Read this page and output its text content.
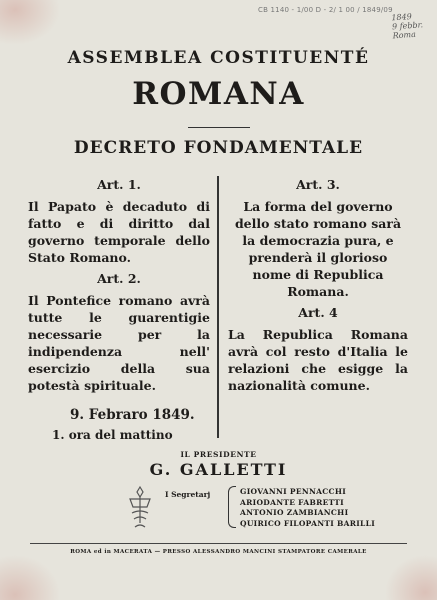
CB 1140 - 1/00 D - 2/ 1 00 / 1849/09
1849
9 febbr.
Roma
ASSEMBLEA COSTITUENTÉ
ROMANA
DECRETO FONDAMENTALE
Art. 1.
Il Papato è decaduto di fatto e di diritto dal governo temporale dello Stato Romano.
Art. 2.
Il Pontefice romano avrà tutte le guarentigie necessarie per la indipendenza nell' esercizio della sua potestà spirituale.
Art. 3.
La forma del governo dello stato romano sarà la democrazia pura, e prenderà il glorioso nome di Republica Romana.
Art. 4
La Republica Romana avrà col resto d'Italia le relazioni che esigge la nazionalità comune.
9. Febraro 1849.
1. ora del mattino
IL PRESIDENTE
G. GALLETTI
I Segretarj	GIOVANNI PENNACCHI
ARIODANTE FABRETTI
ANTONIO ZAMBIANCHI
QUIRICO FILOPANTI BARILLI
ROMA ed in MACERATA — PRESSO ALESSANDRO MANCINI STAMPATORE CAMERALE
